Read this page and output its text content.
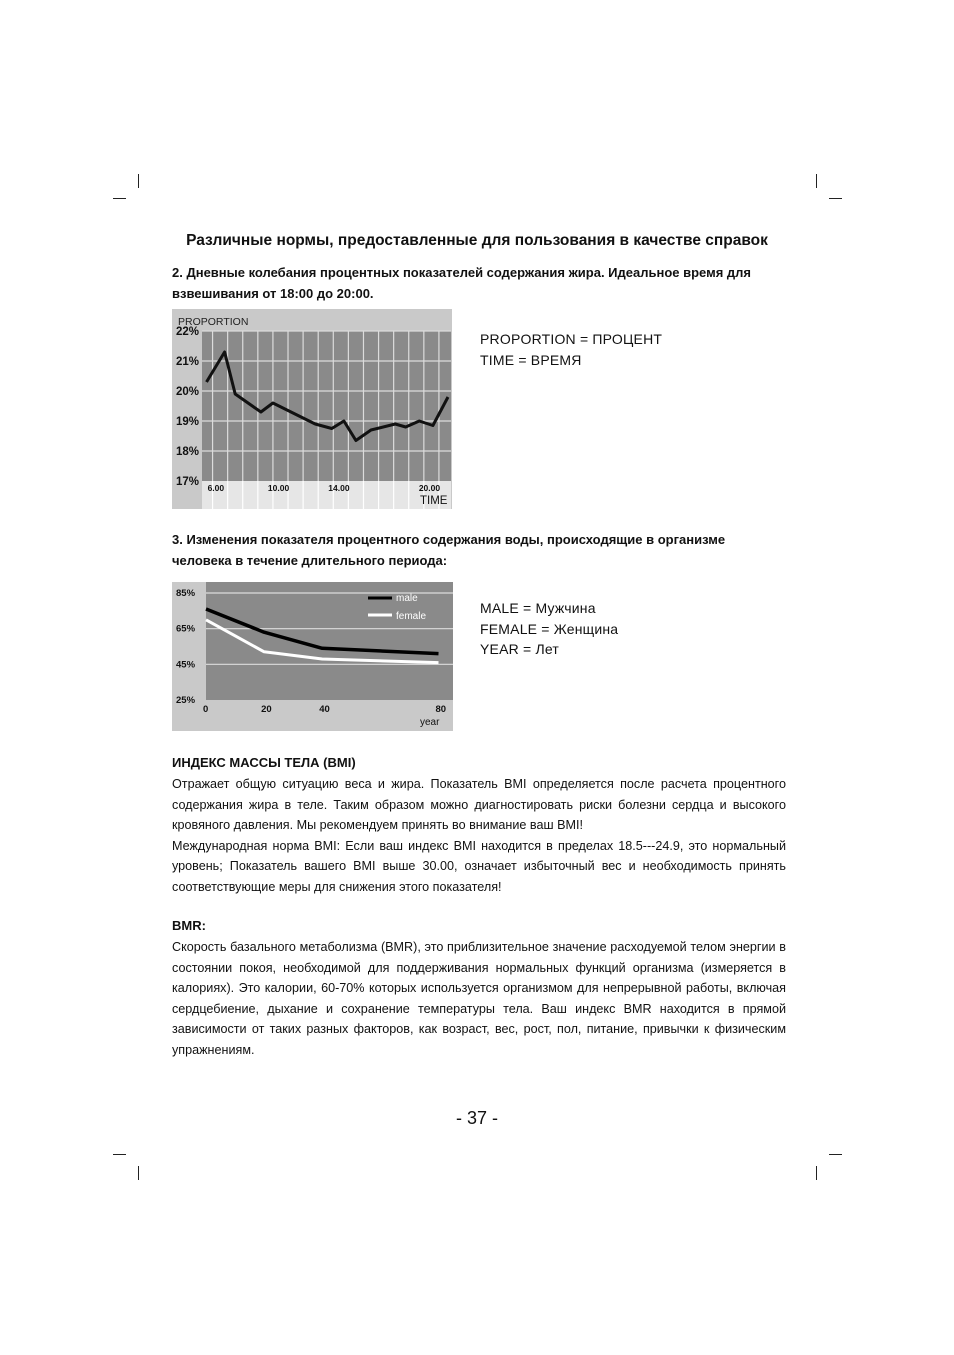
Различные нормы, предоставленные для пользования в качестве справок
2. Дневные колебания процентных показателей содержания жира. Идеальное время для взвешивания от 18:00 до 20:00.
22%
21%
20%
19%
18%
17%
PROPORTION
6.00	10.00	14.00	20.00
TIME
PROPORTION = ПРОЦЕНТ
TIME = ВРЕМЯ
3. Изменения показателя процентного содержания воды, происходящие в организме человека в течение длительного периода:
85%
65%
45%
25%
0	20	40	80
year
male
female
MALE = Мужчина
FEMALE = Женщина
YEAR = Лет
ИНДЕКС МАССЫ ТЕЛА (BMI)

Отражает общую ситуацию веса и жира. Показатель BMI определяется после расчета процентного содержания жира в теле. Таким образом можно диагностировать риски болезни сердца и высокого кровяного давления. Мы рекомендуем принять во внимание ваш BMI!

Международная норма BMI: Если ваш индекс BMI находится в пределах 18.5---24.9, это нормальный уровень; Показатель вашего BMI выше 30.00, означает избыточный вес и необходимость принять соответствующие меры для снижения этого показателя!

BMR:

Скорость базального метаболизма (BMR), это приблизительное значение расходуемой телом энергии в состоянии покоя, необходимой для поддерживания нормальных функций организма (измеряется в калориях). Это калории, 60-70% которых используется организмом для непрерывной работы, включая сердцебиение, дыхание и сохранение температуры тела. Ваш индекс BMR находится в прямой зависимости от таких разных факторов, как возраст, вес, рост, пол, питание, привычки к физическим упражнениям.

- 37 -
